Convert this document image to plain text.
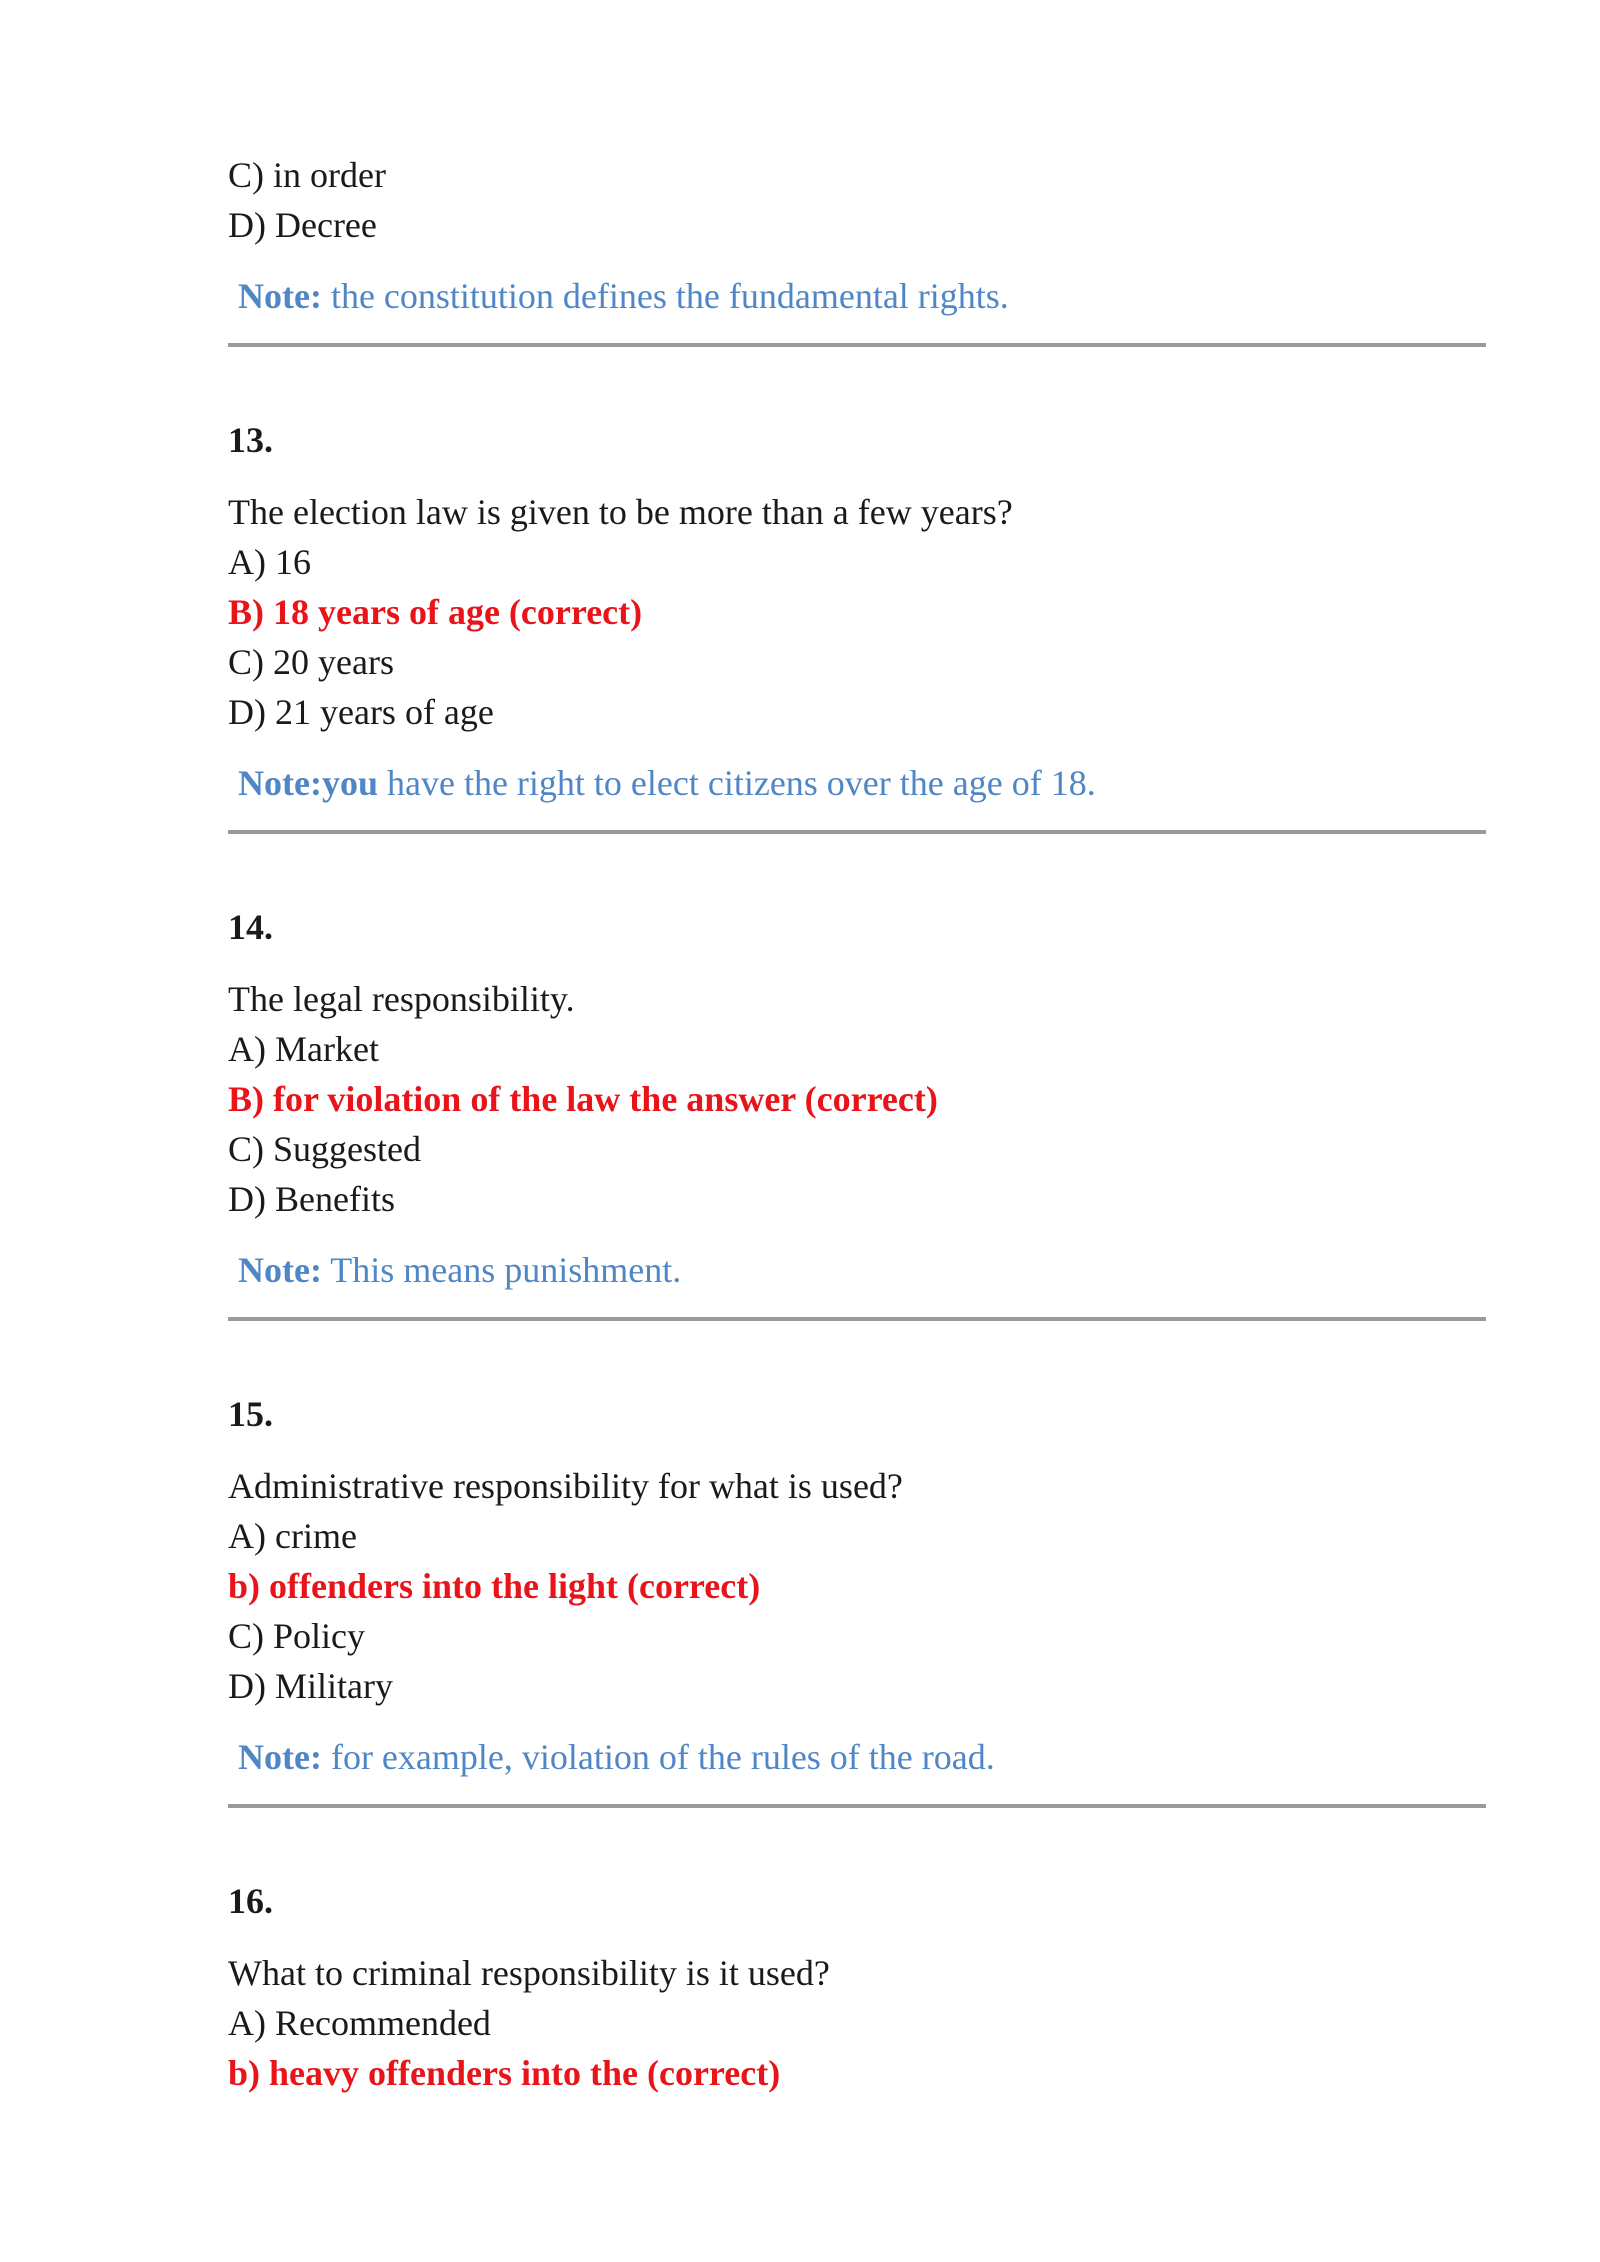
C) in order
D) Decree
Note: the constitution defines the fundamental rights.
13.
The election law is given to be more than a few years?
A) 16
B) 18 years of age (correct)
C) 20 years
D) 21 years of age
Note:you have the right to elect citizens over the age of 18.
14.
The legal responsibility.
A) Market
B) for violation of the law the answer (correct)
C) Suggested
D) Benefits
Note: This means punishment.
15.
Administrative responsibility for what is used?
A) crime
b) offenders into the light (correct)
C) Policy
D) Military
Note: for example, violation of the rules of the road.
16.
What to criminal responsibility is it used?
A) Recommended
b) heavy offenders into the (correct)
